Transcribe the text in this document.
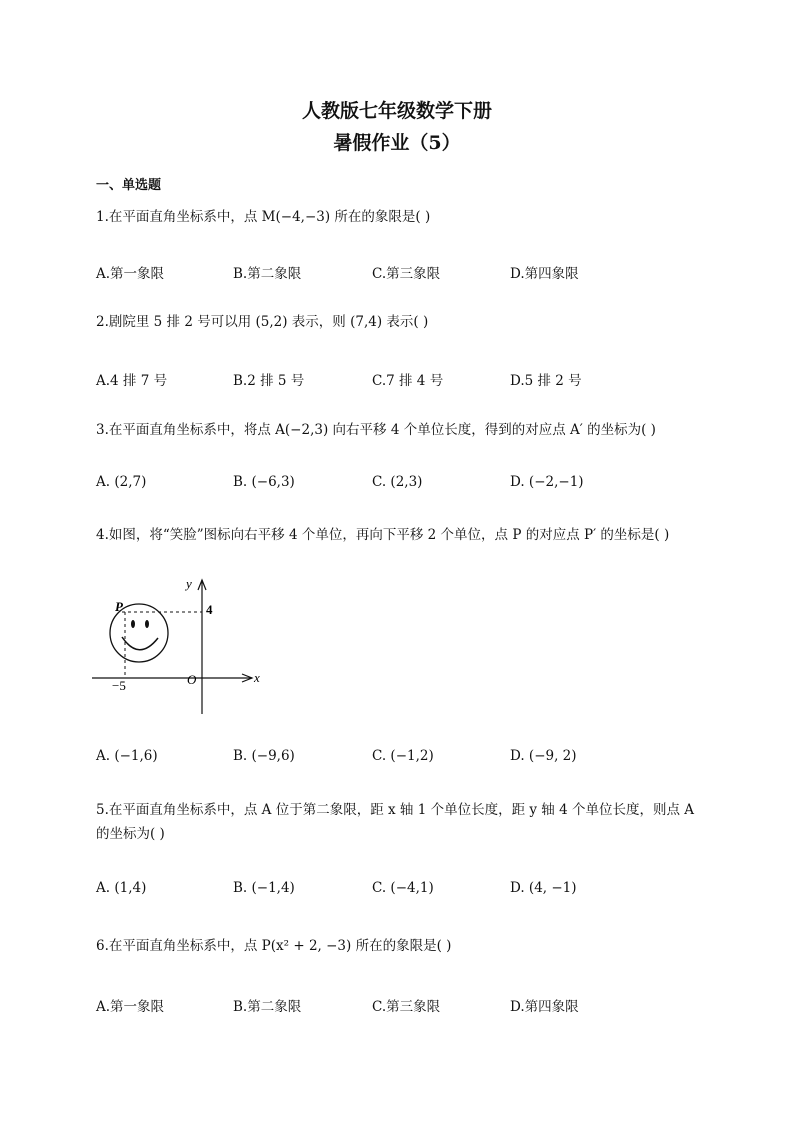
人教版七年级数学下册
暑假作业（5）
一、单选题
1.在平面直角坐标系中，点 M(−4,−3) 所在的象限是( )
A.第一象限	B.第二象限	C.第三象限	D.第四象限
2.剧院里 5 排 2 号可以用 (5,2) 表示，则 (7,4) 表示( )
A.4 排 7 号	B.2 排 5 号	C.7 排 4 号	D.5 排 2 号
3.在平面直角坐标系中，将点 A(−2,3) 向右平移 4 个单位长度，得到的对应点 A′ 的坐标为( )
A. (2,7)	B. (−6,3)	C. (2,3)	D. (−2,−1)
4.如图，将“笑脸”图标向右平移 4 个单位，再向下平移 2 个单位，点 P 的对应点 P′ 的坐标是( )
y
x
4
P
O
−5
A. (−1,6)	B. (−9,6)	C. (−1,2)	D. (−9, 2)
5.在平面直角坐标系中，点 A 位于第二象限，距 x 轴 1 个单位长度，距 y 轴 4 个单位长度，则点 A 的坐标为( )
A. (1,4)	B. (−1,4)	C. (−4,1)	D. (4, −1)
6.在平面直角坐标系中，点 P(x² + 2, −3) 所在的象限是( )
A.第一象限	B.第二象限	C.第三象限	D.第四象限
